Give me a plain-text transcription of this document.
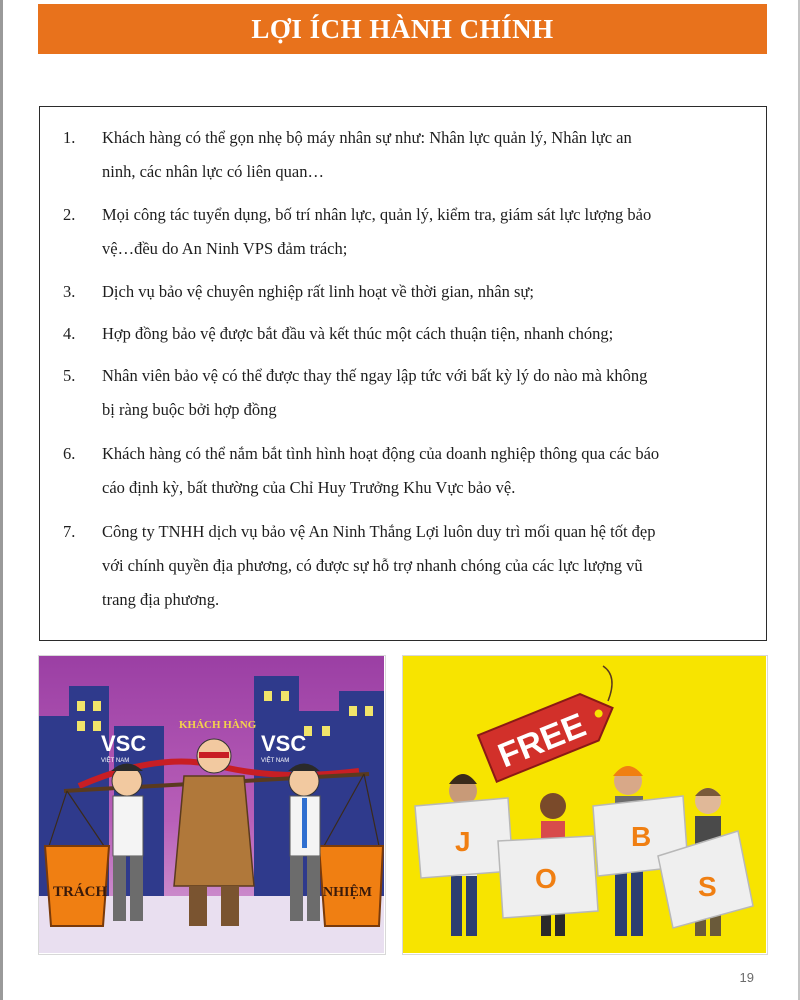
LỢI ÍCH HÀNH CHÍNH
1.	Khách hàng có thể gọn nhẹ bộ máy nhân sự như: Nhân lực quản lý, Nhân lực an
ninh, các nhân lực có liên quan…
2.	Mọi công tác tuyển dụng, bố trí nhân lực, quản lý, kiểm tra, giám sát lực lượng bảo
vệ…đều do An Ninh VPS đảm trách;
3.	Dịch vụ bảo vệ chuyên nghiệp rất linh hoạt về thời gian, nhân sự;
4.	Hợp đồng bảo vệ được bắt đầu và kết thúc một cách thuận tiện, nhanh chóng;
5.	Nhân viên bảo vệ có thể được thay thế ngay lập tức với bất kỳ lý do nào mà không
bị ràng buộc bởi hợp đồng
6.	Khách hàng có thể nắm bắt tình hình hoạt động của doanh nghiệp thông qua các báo
cáo định kỳ, bất thường của Chỉ Huy Trưởng Khu Vực bảo vệ.
7.	Công ty TNHH dịch vụ bảo vệ An Ninh Thắng Lợi luôn duy trì mối quan hệ tốt đẹp
với chính quyền địa phương, có được sự hỗ trợ nhanh chóng của các lực lượng vũ
trang địa phương.
VSC
VIỆT NAM
VSC
VIỆT NAM
KHÁCH HÀNG
TRÁCH	NHIỆM
FREE
J
O
B
S
19
